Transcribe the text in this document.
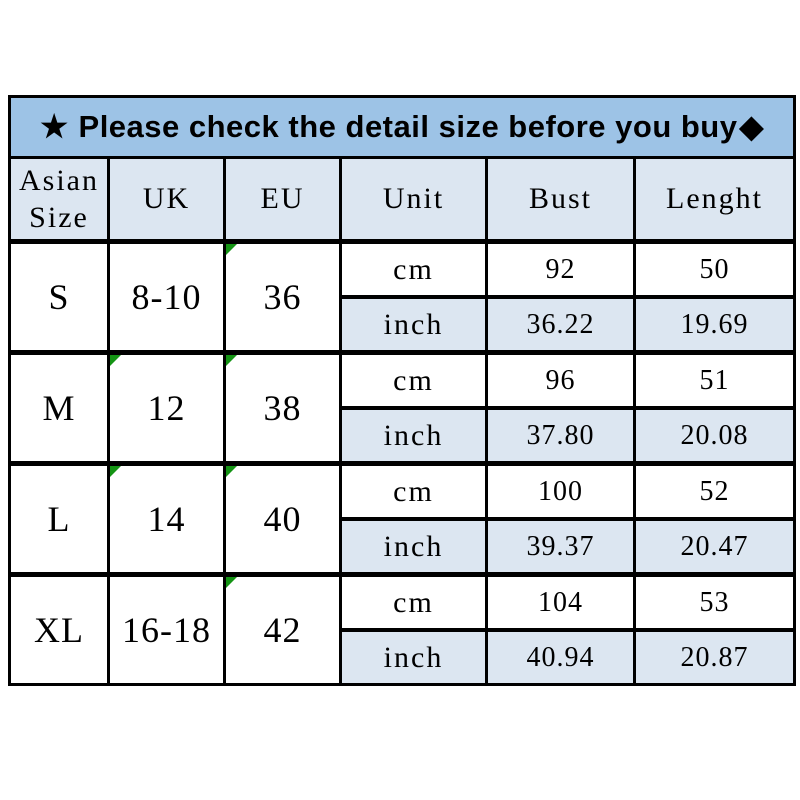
★ Please check the detail size before you buy◆					
Asian Size	UK	EU	Unit	Bust	Lenght
S	8-10	36	cm	92	50
			inch	36.22	19.69
M	12	38	cm	96	51
			inch	37.80	20.08
L	14	40	cm	100	52
			inch	39.37	20.47
XL	16-18	42	cm	104	53
			inch	40.94	20.87
